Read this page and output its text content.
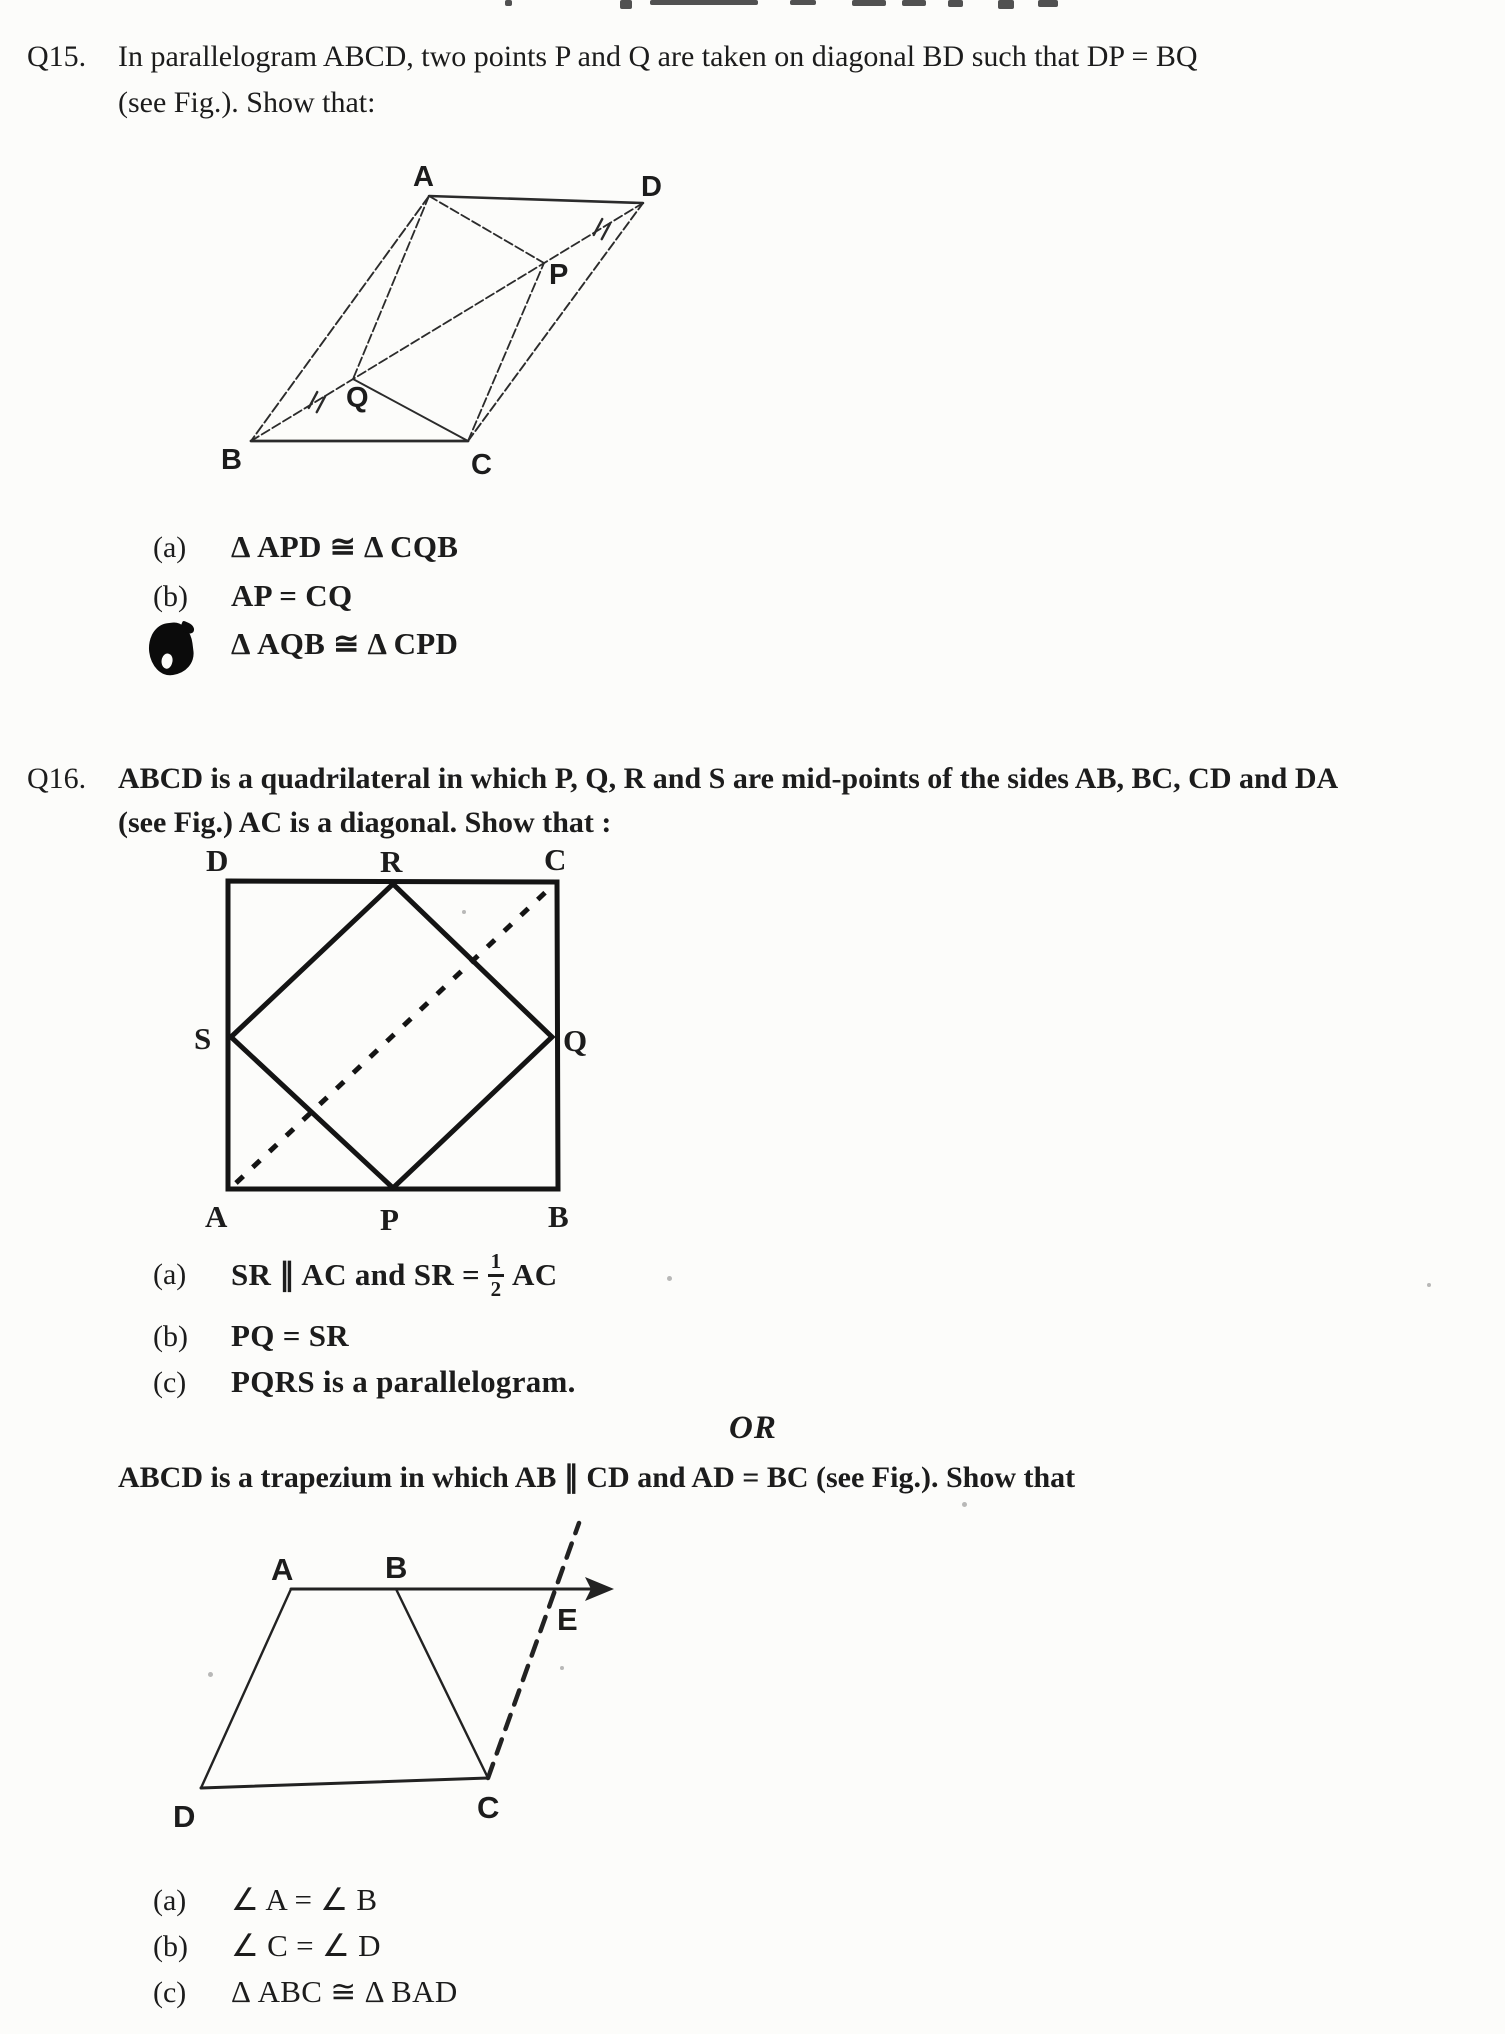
Q15. In parallelogram ABCD, two points P and Q are taken on diagonal BD such that DP = BQ
(see Fig.). Show that:
(a) Δ APD ≅ Δ CQB
(b) AP = CQ
Δ AQB ≅ Δ CPD
Q16. ABCD is a quadrilateral in which P, Q, R and S are mid-points of the sides AB, BC, CD and DA
(see Fig.) AC is a diagonal. Show that :
(a) SR ∥ AC and SR = $\frac{1}{2}$ AC
(b) PQ = SR
(c) PQRS is a parallelogram.
OR
ABCD is a trapezium in which AB ∥ CD and AD = BC (see Fig.). Show that
(a) ∠ A = ∠ B
(b) ∠ C = ∠ D
(c) Δ ABC ≅ Δ BAD
A	D
P
Q
B	C
D	R	C
S	Q
A	P	B
A	B
E
D	C
